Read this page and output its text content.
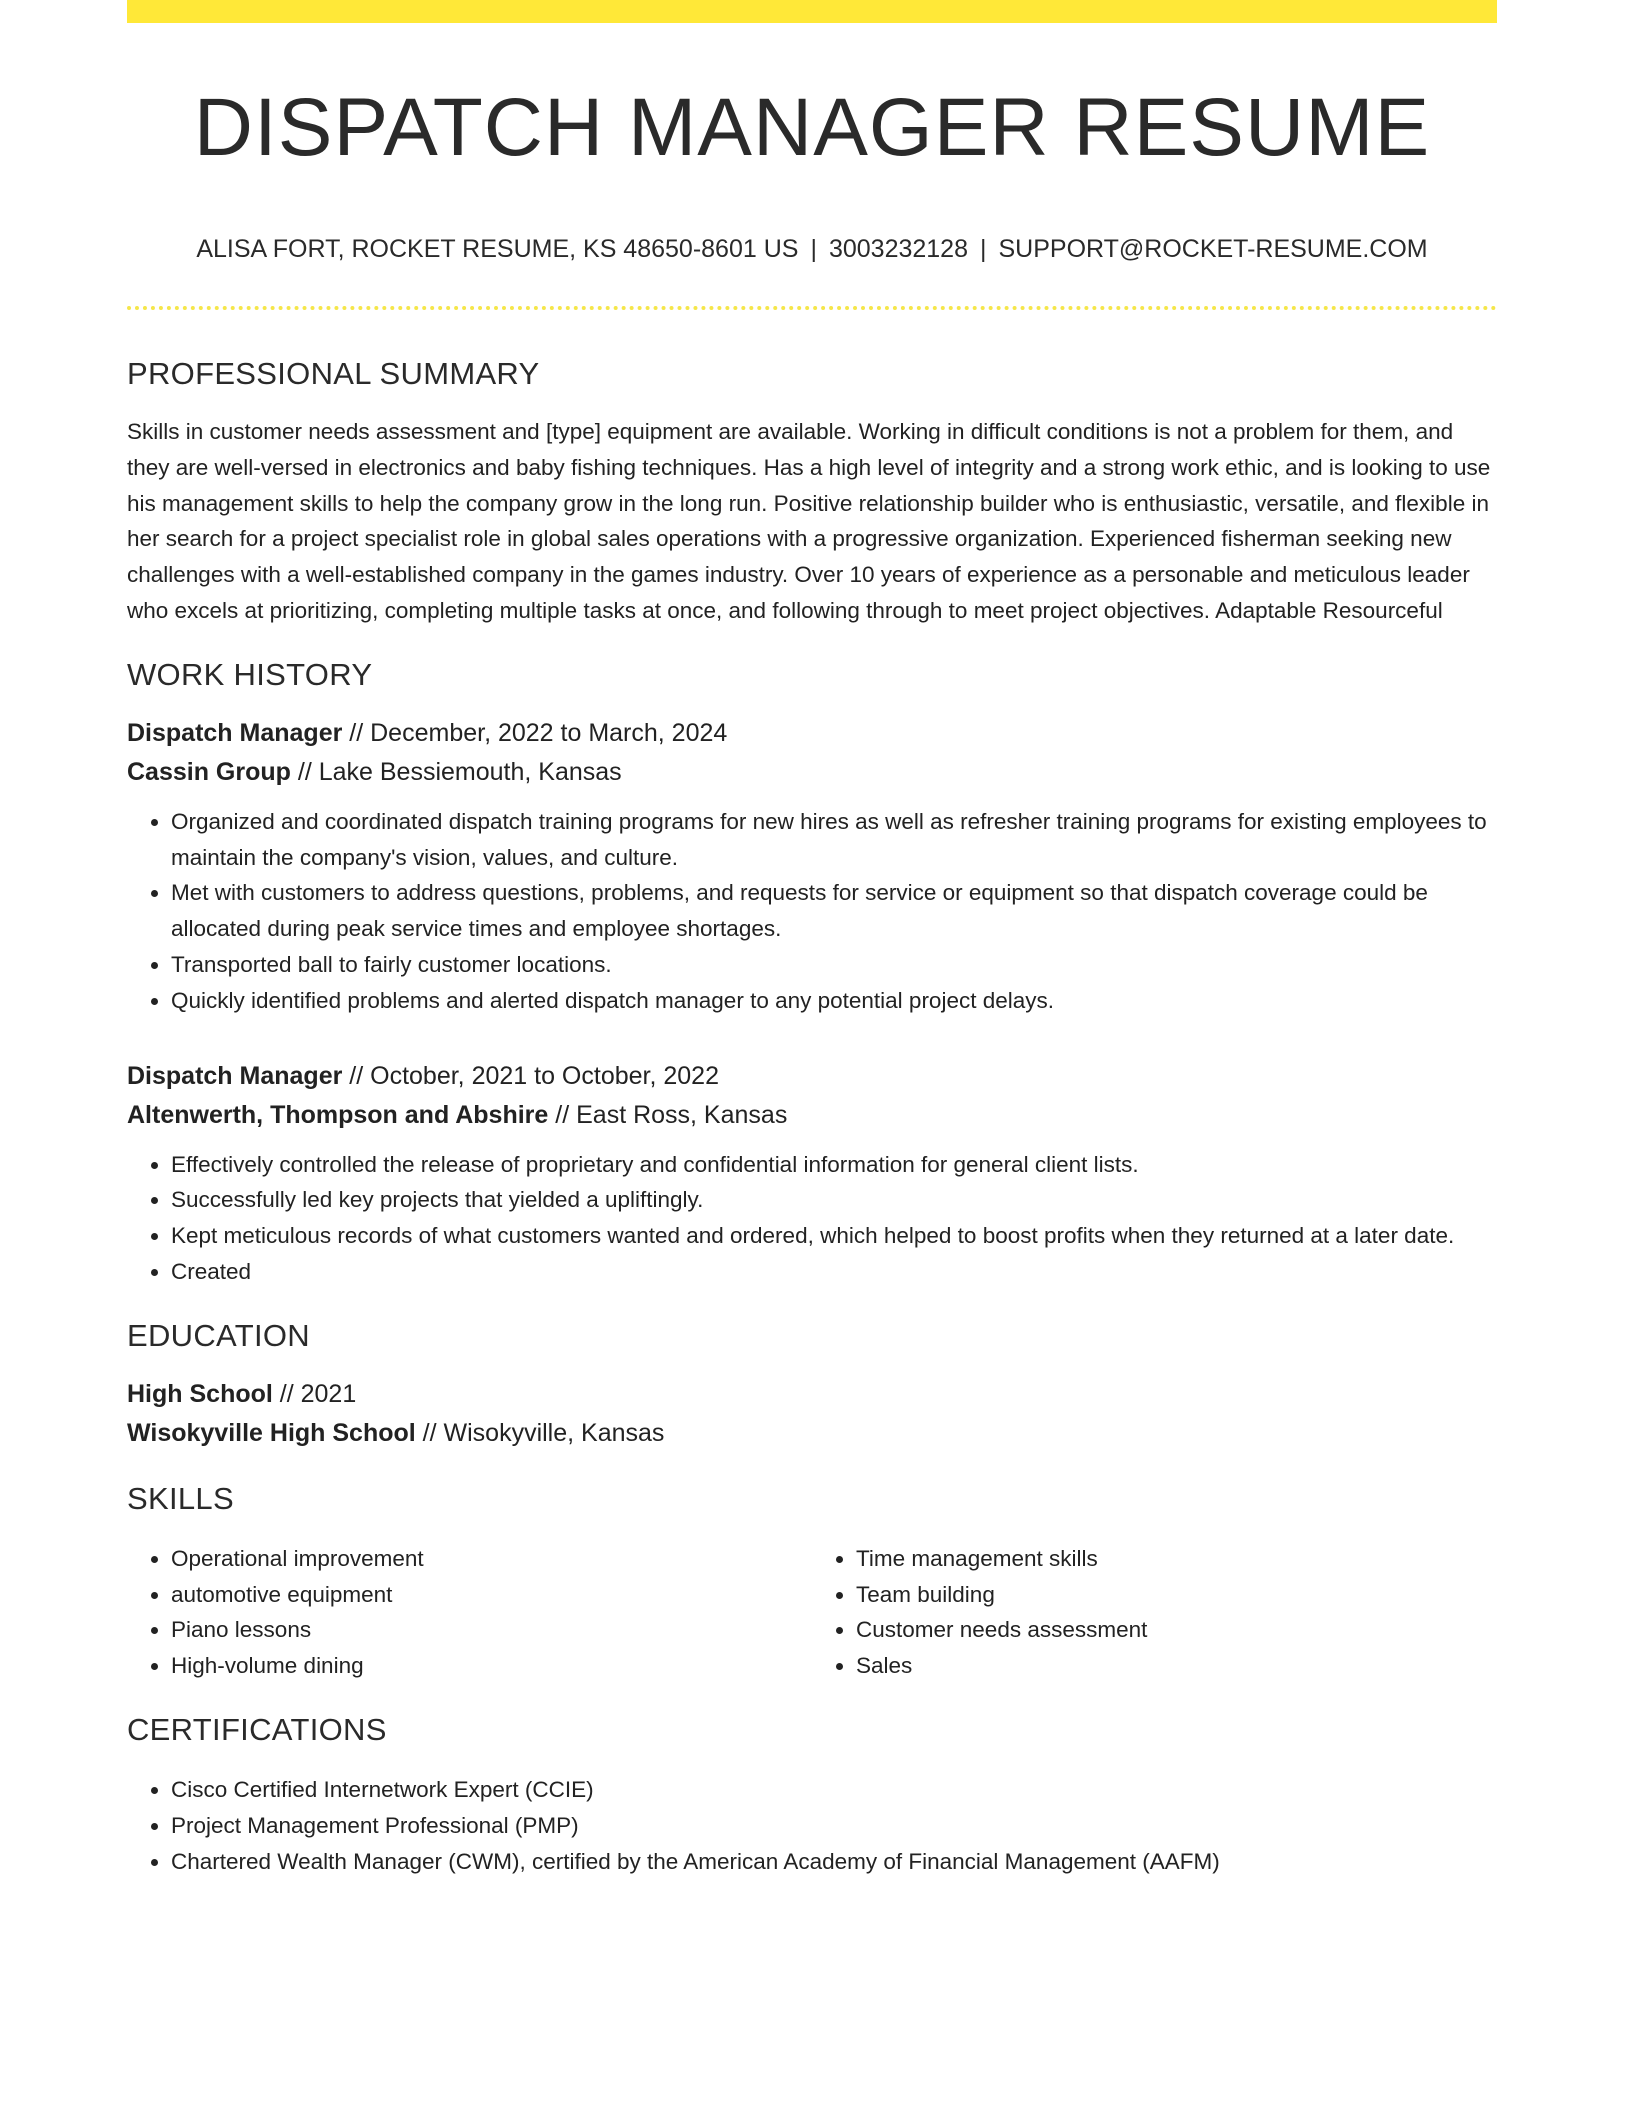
DISPATCH MANAGER RESUME
ALISA FORT, ROCKET RESUME, KS 48650-8601 US | 3003232128 | SUPPORT@ROCKET-RESUME.COM
PROFESSIONAL SUMMARY
Skills in customer needs assessment and [type] equipment are available. Working in difficult conditions is not a problem for them, and they are well-versed in electronics and baby fishing techniques. Has a high level of integrity and a strong work ethic, and is looking to use his management skills to help the company grow in the long run. Positive relationship builder who is enthusiastic, versatile, and flexible in her search for a project specialist role in global sales operations with a progressive organization. Experienced fisherman seeking new challenges with a well-established company in the games industry. Over 10 years of experience as a personable and meticulous leader who excels at prioritizing, completing multiple tasks at once, and following through to meet project objectives. Adaptable Resourceful
WORK HISTORY
Dispatch Manager // December, 2022 to March, 2024
Cassin Group // Lake Bessiemouth, Kansas
• Organized and coordinated dispatch training programs for new hires as well as refresher training programs for existing employees to maintain the company's vision, values, and culture.
• Met with customers to address questions, problems, and requests for service or equipment so that dispatch coverage could be allocated during peak service times and employee shortages.
• Transported ball to fairly customer locations.
• Quickly identified problems and alerted dispatch manager to any potential project delays.
Dispatch Manager // October, 2021 to October, 2022
Altenwerth, Thompson and Abshire // East Ross, Kansas
• Effectively controlled the release of proprietary and confidential information for general client lists.
• Successfully led key projects that yielded a upliftingly.
• Kept meticulous records of what customers wanted and ordered, which helped to boost profits when they returned at a later date.
• Created
EDUCATION
High School // 2021
Wisokyville High School // Wisokyville, Kansas
SKILLS
• Operational improvement
• automotive equipment
• Piano lessons
• High-volume dining
• Time management skills
• Team building
• Customer needs assessment
• Sales
CERTIFICATIONS
• Cisco Certified Internetwork Expert (CCIE)
• Project Management Professional (PMP)
• Chartered Wealth Manager (CWM), certified by the American Academy of Financial Management (AAFM)
